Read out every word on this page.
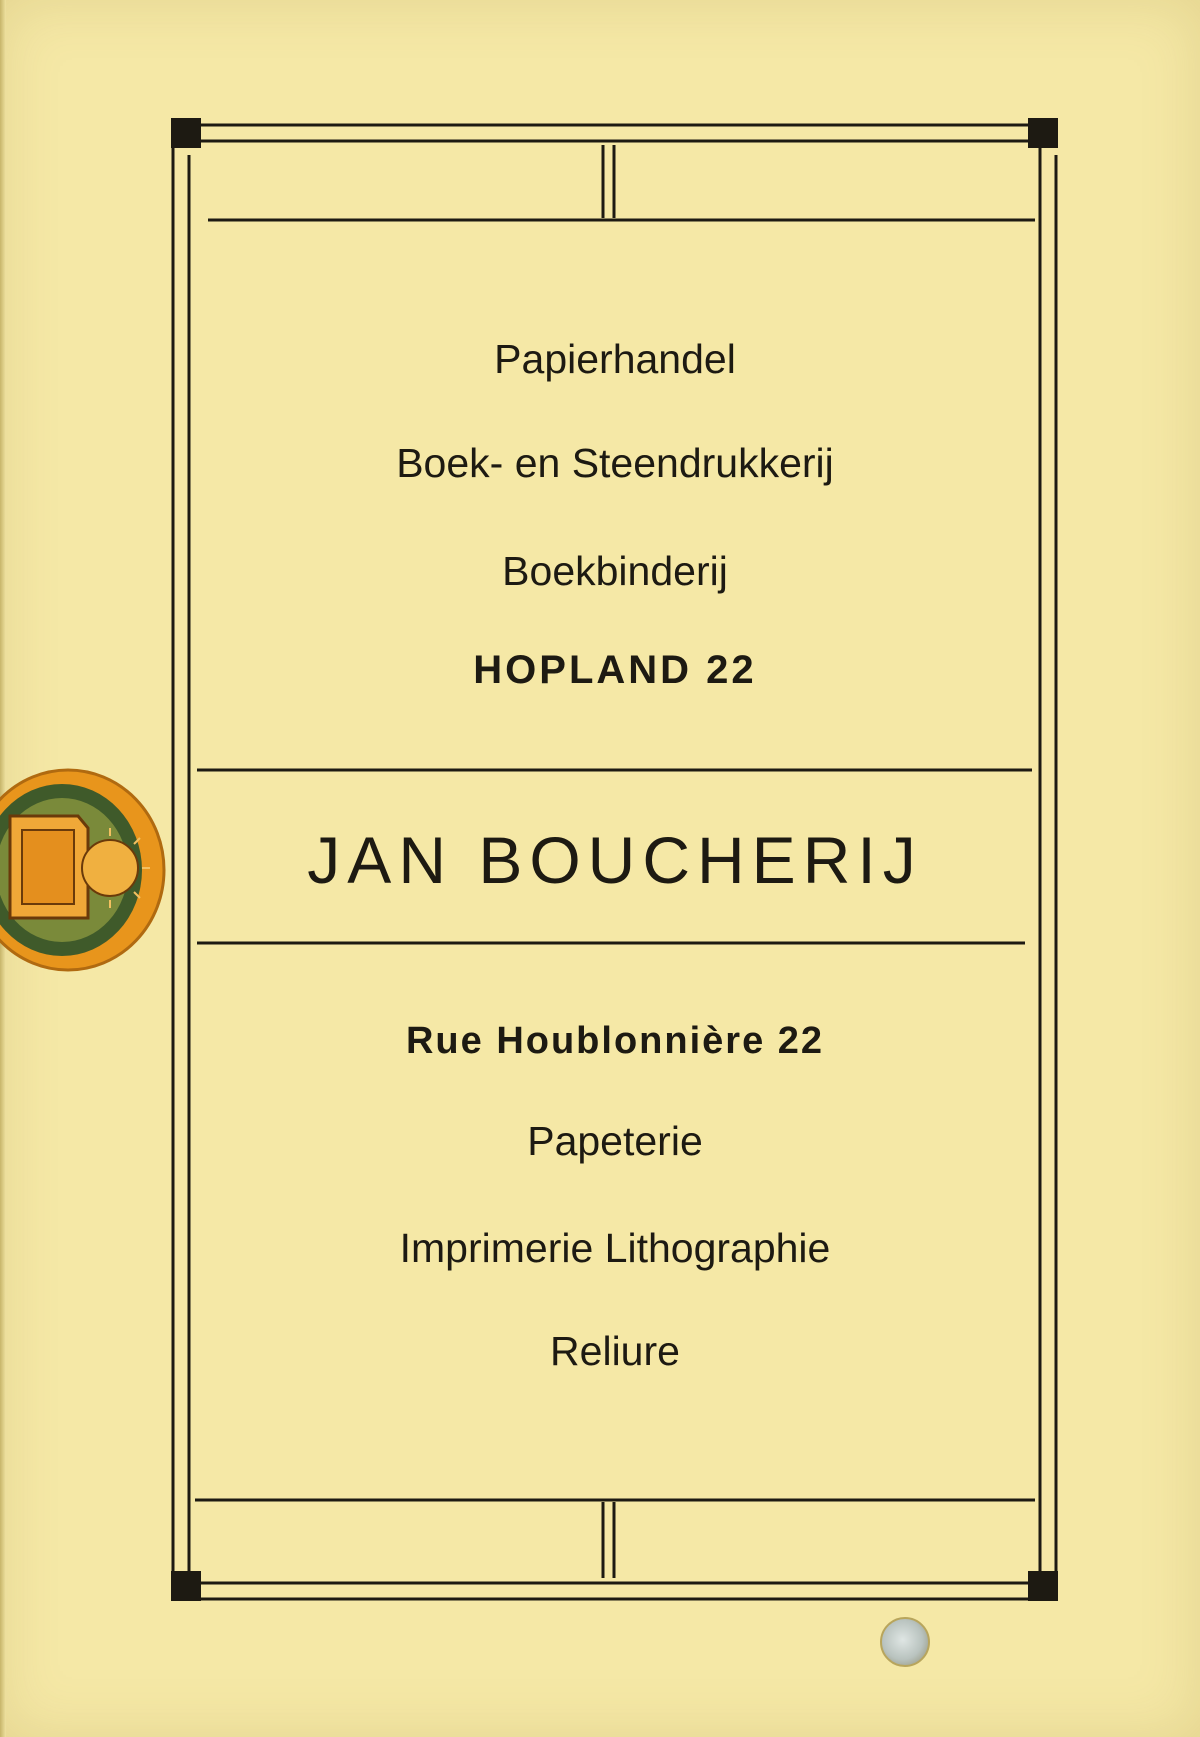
Papierhandel
Boek- en Steendrukkerij
Boekbinderij
HOPLAND 22
JAN BOUCHERIJ
Rue Houblonnière 22
Papeterie
Imprimerie Lithographie
Reliure
